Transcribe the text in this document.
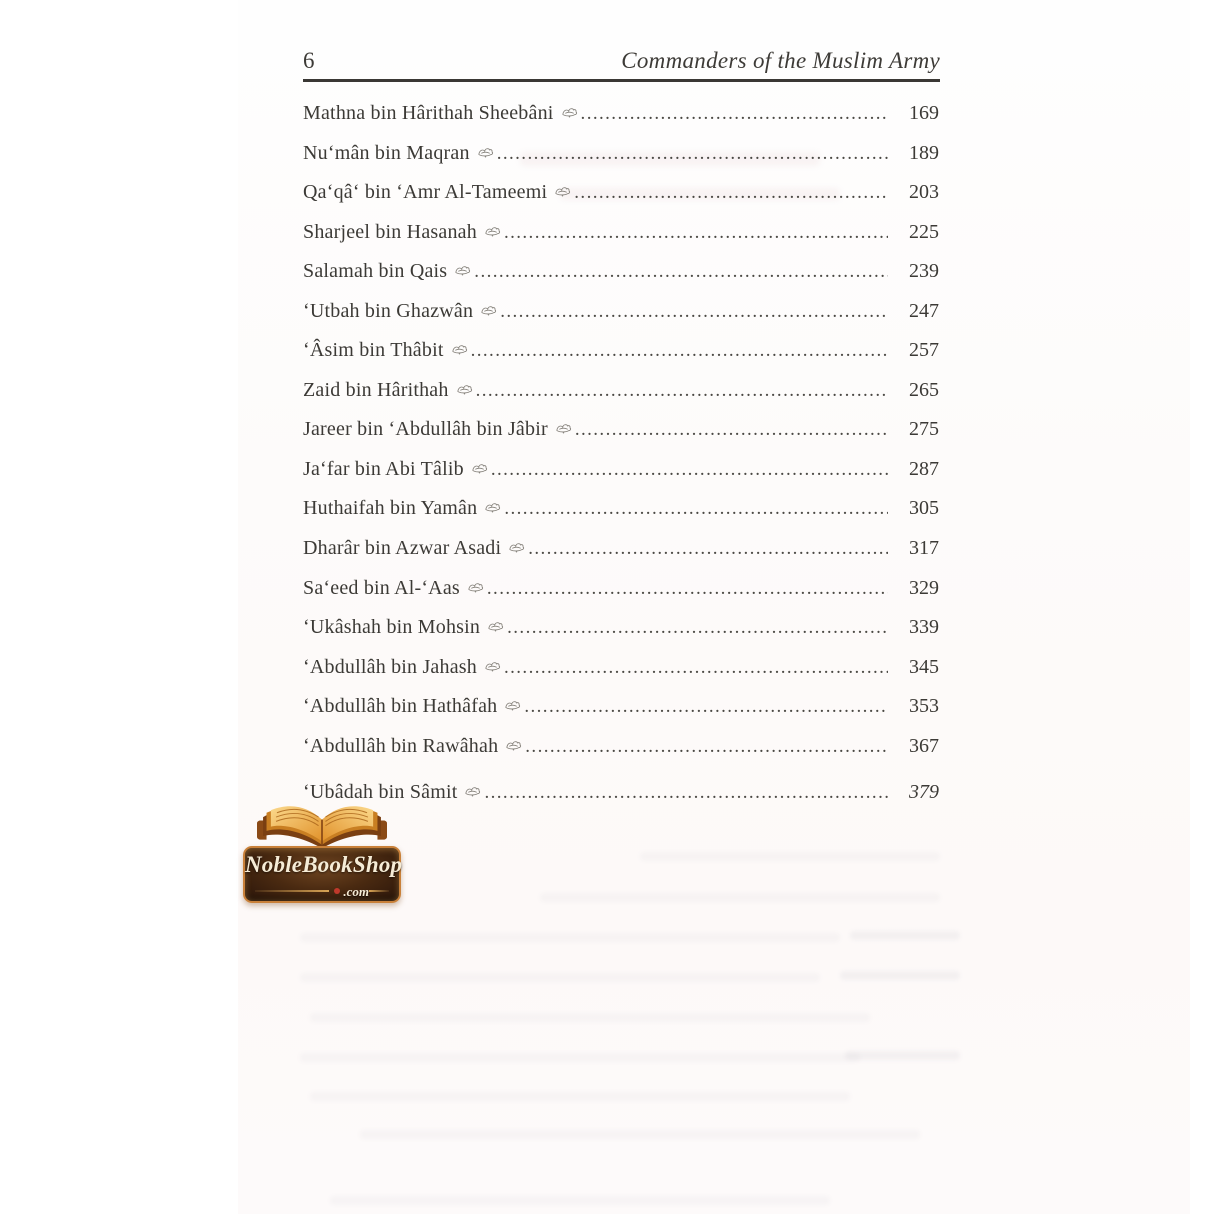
6	Commanders of the Muslim Army
Mathna bin Hârithah Sheebâni .....	169
Nu‘mân bin Maqran .....	189
Qa‘qâ‘ bin ‘Amr Al-Tameemi .....	203
Sharjeel bin Hasanah .....	225
Salamah bin Qais .....	239
‘Utbah bin Ghazwân .....	247
‘Âsim bin Thâbit .....	257
Zaid bin Hârithah .....	265
Jareer bin ‘Abdullâh bin Jâbir .....	275
Ja‘far bin Abi Tâlib .....	287
Huthaifah bin Yamân .....	305
Dharâr bin Azwar Asadi .....	317
Sa‘eed bin Al-‘Aas .....	329
‘Ukâshah bin Mohsin .....	339
‘Abdullâh bin Jahash .....	345
‘Abdullâh bin Hathâfah .....	353
‘Abdullâh bin Rawâhah .....	367
‘Ubâdah bin Sâmit .....	379
NobleBookShop
.com
